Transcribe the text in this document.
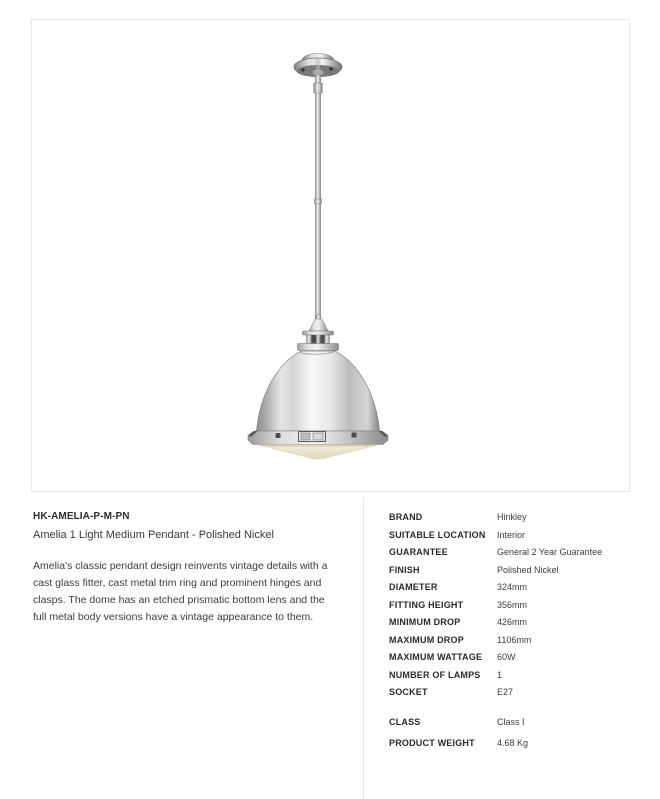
HK-AMELIA-P-M-PN
Amelia 1 Light Medium Pendant - Polished Nickel
Amelia's classic pendant design reinvents vintage details with a cast glass fitter, cast metal trim ring and prominent hinges and clasps. The dome has an etched prismatic bottom lens and the full metal body versions have a vintage appearance to them.
BRAND	Hinkley
SUITABLE LOCATION	Interior
GUARANTEE	General 2 Year Guarantee
FINISH	Polished Nickel
DIAMETER	324mm
FITTING HEIGHT	356mm
MINIMUM DROP	426mm
MAXIMUM DROP	1106mm
MAXIMUM WATTAGE	60W
NUMBER OF LAMPS	1
SOCKET	E27
CLASS	Class I
PRODUCT WEIGHT	4.68 Kg
